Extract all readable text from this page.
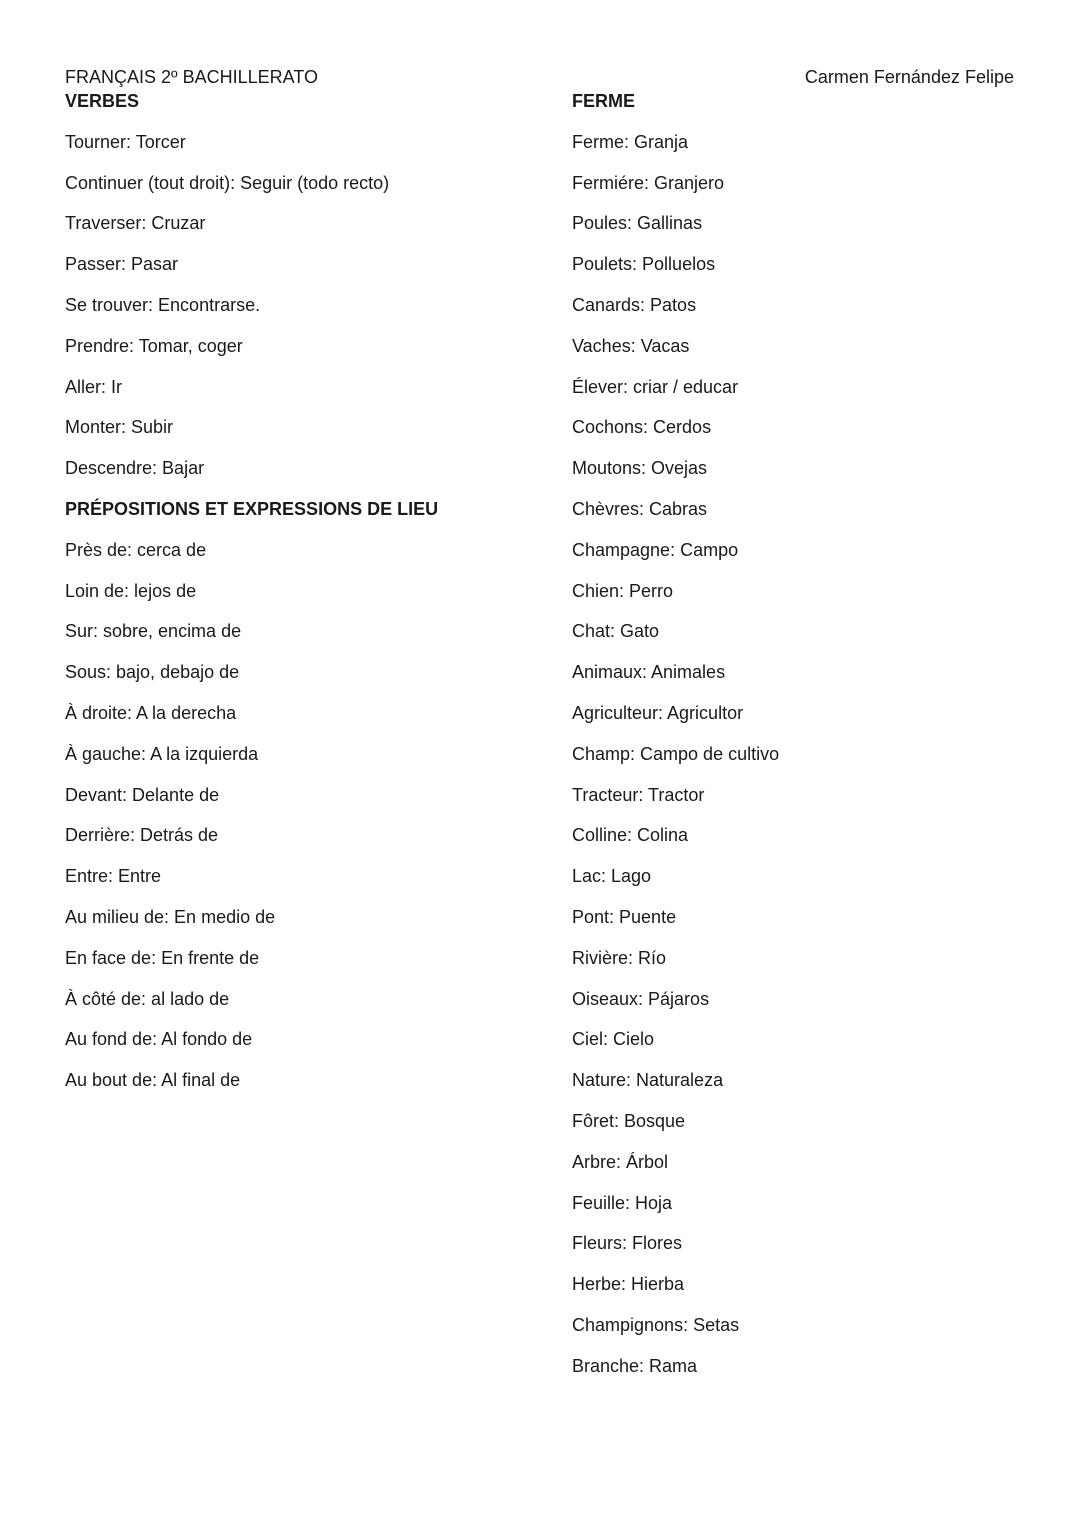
FRANÇAIS 2º BACHILLERATO	Carmen Fernández Felipe
VERBES
Tourner: Torcer
Continuer (tout droit): Seguir (todo recto)
Traverser: Cruzar
Passer: Pasar
Se trouver: Encontrarse.
Prendre: Tomar, coger
Aller: Ir
Monter: Subir
Descendre: Bajar
PRÉPOSITIONS ET EXPRESSIONS DE LIEU
Près de: cerca de
Loin de: lejos de
Sur: sobre, encima de
Sous: bajo, debajo de
À droite: A la derecha
À gauche: A la izquierda
Devant: Delante de
Derrière: Detrás de
Entre: Entre
Au milieu de: En medio de
En face de: En frente de
À côté de: al lado de
Au fond de: Al fondo de
Au bout de: Al final de
FERME
Ferme: Granja
Fermiére: Granjero
Poules: Gallinas
Poulets: Polluelos
Canards: Patos
Vaches: Vacas
Élever: criar / educar
Cochons: Cerdos
Moutons: Ovejas
Chèvres: Cabras
Champagne: Campo
Chien: Perro
Chat: Gato
Animaux: Animales
Agriculteur: Agricultor
Champ: Campo de cultivo
Tracteur: Tractor
Colline: Colina
Lac: Lago
Pont: Puente
Rivière: Río
Oiseaux: Pájaros
Ciel: Cielo
Nature: Naturaleza
Fôret: Bosque
Arbre: Árbol
Feuille: Hoja
Fleurs: Flores
Herbe: Hierba
Champignons: Setas
Branche: Rama
